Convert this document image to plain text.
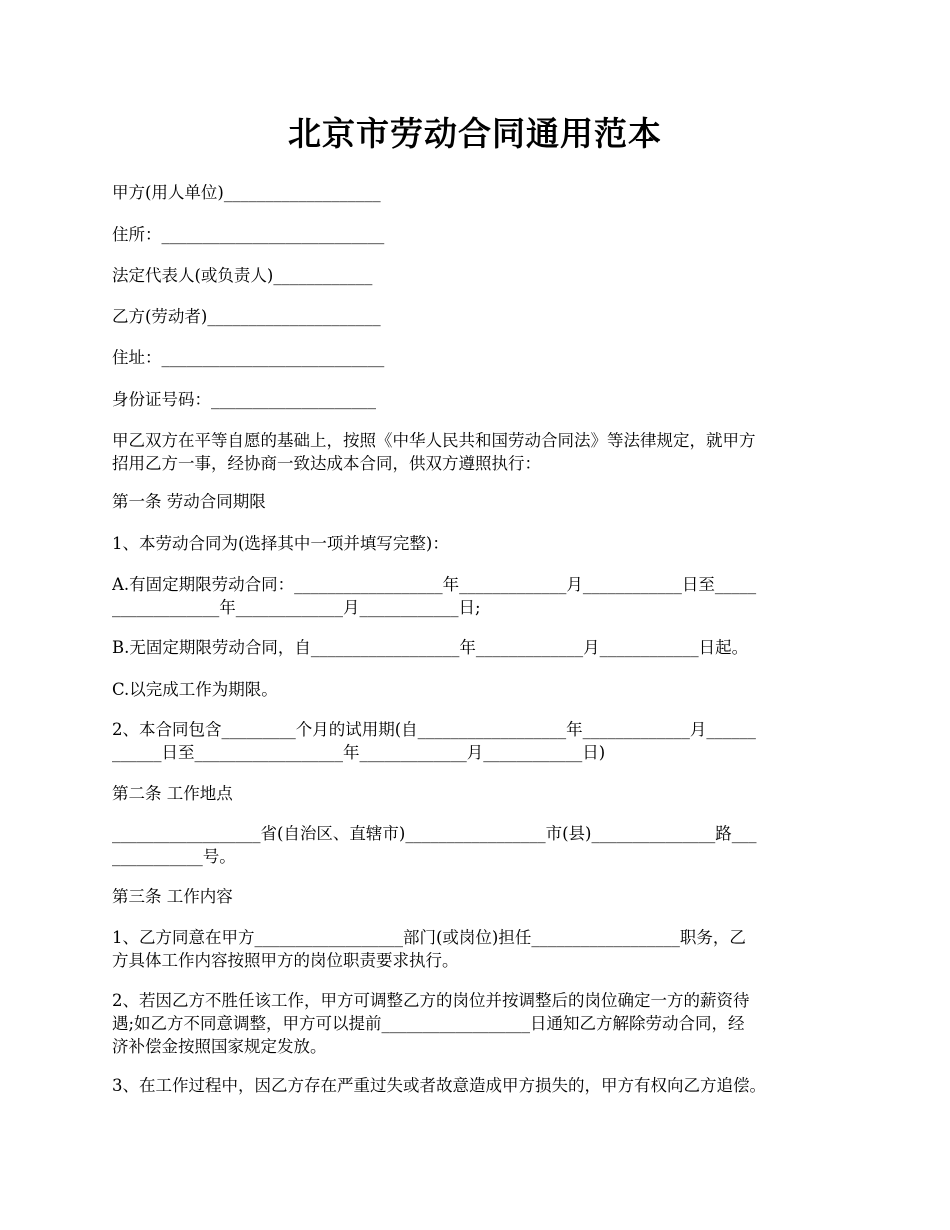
北京市劳动合同通用范本

甲方(用人单位)___________________

住所：___________________________

法定代表人(或负责人)____________

乙方(劳动者)_____________________

住址：___________________________

身份证号码：____________________

甲乙双方在平等自愿的基础上，按照《中华人民共和国劳动合同法》等法律规定，就甲方

招用乙方一事，经协商一致达成本合同，供双方遵照执行：

第一条 劳动合同期限

1、本劳动合同为(选择其中一项并填写完整)：

A.有固定期限劳动合同：__________________年_____________月____________日至_____

_____________年_____________月____________日;

B.无固定期限劳动合同，自__________________年_____________月____________日起。

C.以完成工作为期限。

2、本合同包含_________个月的试用期(自__________________年_____________月______

______日至__________________年_____________月____________日)

第二条 工作地点

__________________省(自治区、直辖市)_________________市(县)_______________路___

___________号。

第三条 工作内容

1、乙方同意在甲方__________________部门(或岗位)担任__________________职务，乙

方具体工作内容按照甲方的岗位职责要求执行。

2、若因乙方不胜任该工作，甲方可调整乙方的岗位并按调整后的岗位确定一方的薪资待

遇;如乙方不同意调整，甲方可以提前__________________日通知乙方解除劳动合同，经

济补偿金按照国家规定发放。

3、在工作过程中，因乙方存在严重过失或者故意造成甲方损失的，甲方有权向乙方追偿。
